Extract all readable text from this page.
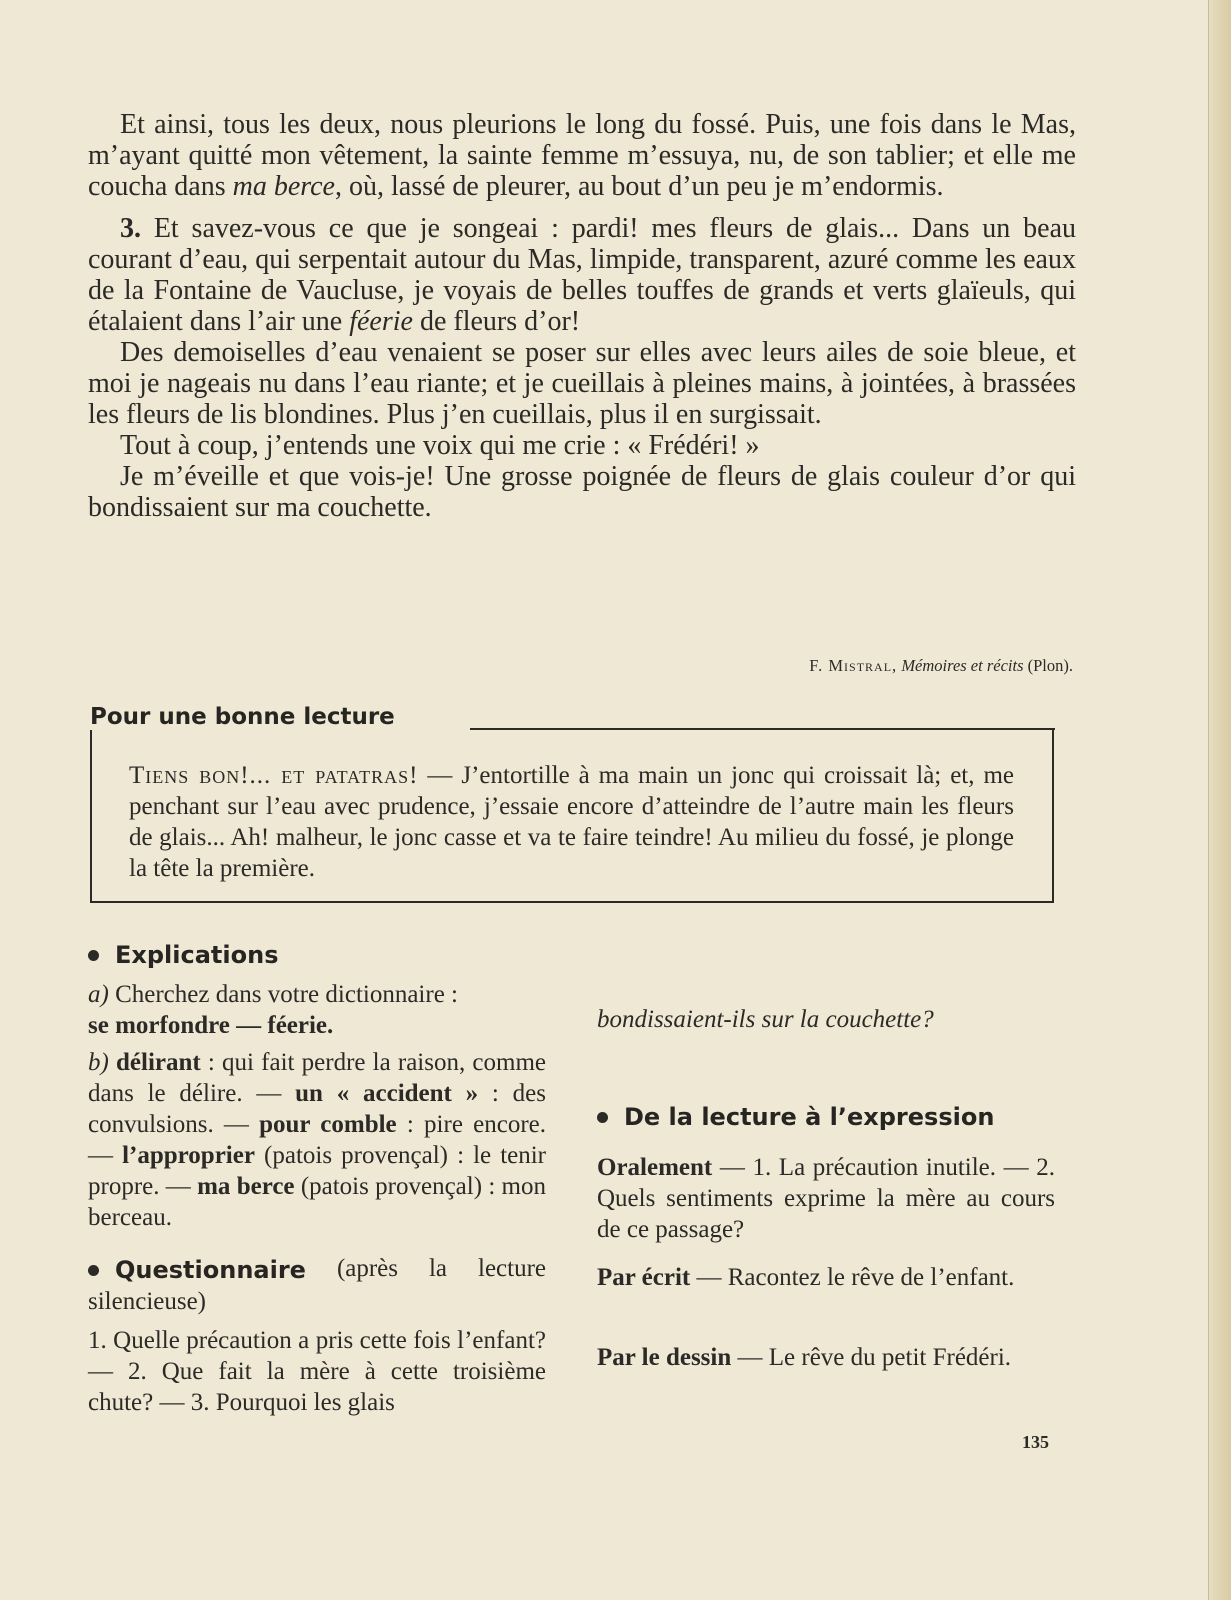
Et ainsi, tous les deux, nous pleurions le long du fossé. Puis, une fois dans le Mas, m’ayant quitté mon vêtement, la sainte femme m’essuya, nu, de son tablier; et elle me coucha dans ma berce, où, lassé de pleurer, au bout d’un peu je m’endormis.

3. Et savez-vous ce que je songeai : pardi! mes fleurs de glais... Dans un beau courant d’eau, qui serpentait autour du Mas, limpide, transparent, azuré comme les eaux de la Fontaine de Vaucluse, je voyais de belles touffes de grands et verts glaïeuls, qui étalaient dans l’air une féerie de fleurs d’or!

Des demoiselles d’eau venaient se poser sur elles avec leurs ailes de soie bleue, et moi je nageais nu dans l’eau riante; et je cueillais à pleines mains, à jointées, à brassées les fleurs de lis blondines. Plus j’en cueillais, plus il en surgissait.

Tout à coup, j’entends une voix qui me crie : « Frédéri! »

Je m’éveille et que vois-je! Une grosse poignée de fleurs de glais couleur d’or qui bondissaient sur ma couchette.

F. Mistral, Mémoires et récits (Plon).
Pour une bonne lecture
Tiens bon!... et patatras! — J’entortille à ma main un jonc qui croissait là; et, me penchant sur l’eau avec prudence, j’essaie encore d’atteindre de l’autre main les fleurs de glais... Ah! malheur, le jonc casse et va te faire teindre! Au milieu du fossé, je plonge la tête la première.
Explications

a) Cherchez dans votre dictionnaire :
se morfondre — féerie.

b) délirant : qui fait perdre la raison, comme dans le délire. — un « accident » : des convulsions. — pour comble : pire encore. — l’approprier (patois provençal) : le tenir propre. — ma berce (patois provençal) : mon berceau.

Questionnaire (après la lecture silencieuse)

1. Quelle précaution a pris cette fois l’enfant? — 2. Que fait la mère à cette troisième chute? — 3. Pourquoi les glais

bondissaient-ils sur la couchette?

De la lecture à l’expression

Oralement — 1. La précaution inutile. — 2. Quels sentiments exprime la mère au cours de ce passage?

Par écrit — Racontez le rêve de l’enfant.

Par le dessin — Le rêve du petit Frédéri.

135
